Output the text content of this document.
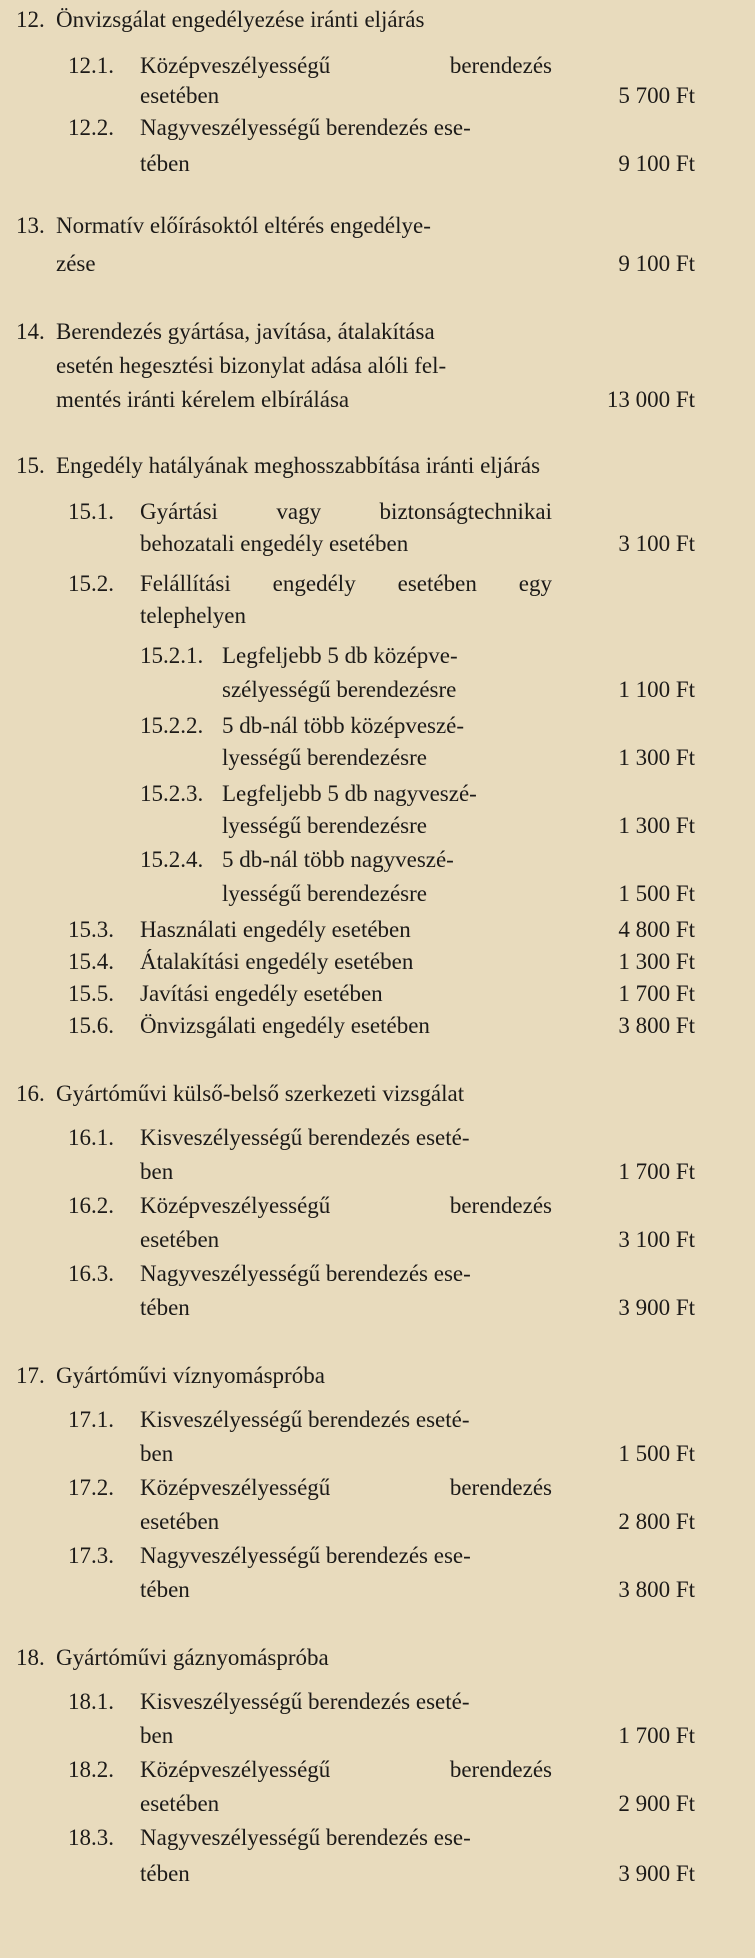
12. Önvizsgálat engedélyezése iránti eljárás
12.1. Középveszélyességű berendezés
esetében	5 700 Ft
12.2. Nagyveszélyességű berendezés ese-
tében	9 100 Ft
13. Normatív előírásoktól eltérés engedélye-
zése	9 100 Ft
14. Berendezés gyártása, javítása, átalakítása
esetén hegesztési bizonylat adása alóli fel-
mentés iránti kérelem elbírálása	13 000 Ft
15. Engedély hatályának meghosszabbítása iránti eljárás
15.1. Gyártási vagy biztonságtechnikai
behozatali engedély esetében	3 100 Ft
15.2. Felállítási engedély esetében egy
telephelyen
15.2.1. Legfeljebb 5 db középve-
szélyességű berendezésre	1 100 Ft
15.2.2. 5 db-nál több középveszé-
lyességű berendezésre	1 300 Ft
15.2.3. Legfeljebb 5 db nagyveszé-
lyességű berendezésre	1 300 Ft
15.2.4. 5 db-nál több nagyveszé-
lyességű berendezésre	1 500 Ft
15.3. Használati engedély esetében	4 800 Ft
15.4. Átalakítási engedély esetében	1 300 Ft
15.5. Javítási engedély esetében	1 700 Ft
15.6. Önvizsgálati engedély esetében	3 800 Ft
16. Gyártóművi külső-belső szerkezeti vizsgálat
16.1. Kisveszélyességű berendezés eseté-
ben	1 700 Ft
16.2. Középveszélyességű berendezés
esetében	3 100 Ft
16.3. Nagyveszélyességű berendezés ese-
tében	3 900 Ft
17. Gyártóművi víznyomáspróba
17.1. Kisveszélyességű berendezés eseté-
ben	1 500 Ft
17.2. Középveszélyességű berendezés
esetében	2 800 Ft
17.3. Nagyveszélyességű berendezés ese-
tében	3 800 Ft
18. Gyártóművi gáznyomáspróba
18.1. Kisveszélyességű berendezés eseté-
ben	1 700 Ft
18.2. Középveszélyességű berendezés
esetében	2 900 Ft
18.3. Nagyveszélyességű berendezés ese-
tében	3 900 Ft
